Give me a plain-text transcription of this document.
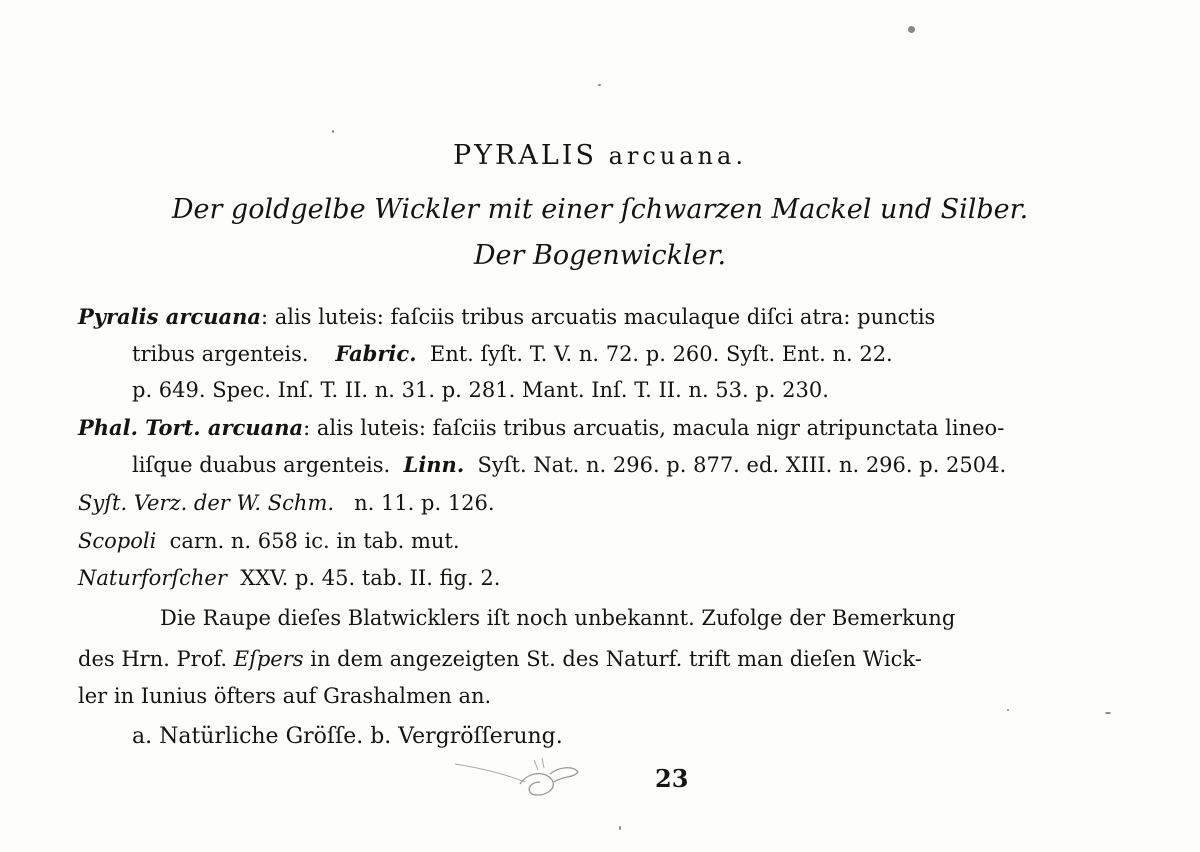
PYRALIS arcuana.
Der goldgelbe Wickler mit einer ſchwarzen Mackel und Silber.
Der Bogenwickler.
Pyralis arcuana: alis luteis: faſciis tribus arcuatis maculaque diſci atra: punctis
tribus argenteis. Fabric. Ent. ſyſt. T. V. n. 72. p. 260. Syſt. Ent. n. 22.
p. 649. Spec. Inſ. T. II. n. 31. p. 281. Mant. Inſ. T. II. n. 53. p. 230.
Phal. Tort. arcuana: alis luteis: faſciis tribus arcuatis, macula nigr atripunctata lineo-
liſque duabus argenteis. Linn. Syſt. Nat. n. 296. p. 877. ed. XIII. n. 296. p. 2504.
Syſt. Verz. der W. Schm. n. 11. p. 126.
Scopoli carn. n. 658 ic. in tab. mut.
Naturforſcher XXV. p. 45. tab. II. fig. 2.
Die Raupe dieſes Blatwicklers iſt noch unbekannt. Zufolge der Bemerkung
des Hrn. Prof. Eſpers in dem angezeigten St. des Naturf. trift man dieſen Wick-
ler in Iunius öfters auf Grashalmen an.
a. Natürliche Gröſſe. b. Vergröſſerung.
23
